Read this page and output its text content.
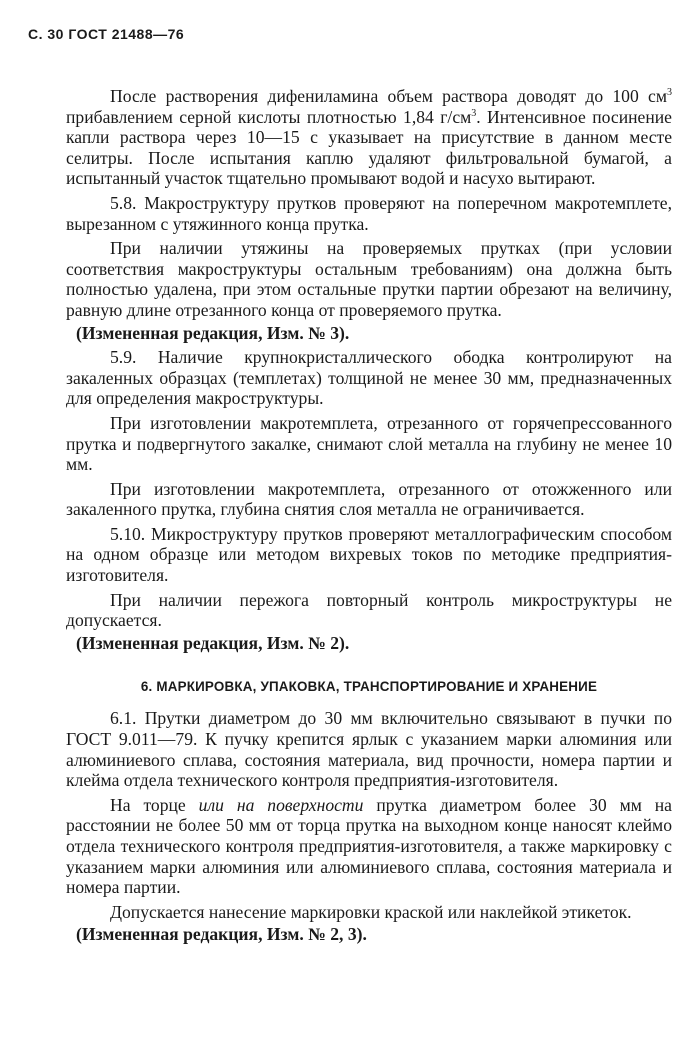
С. 30 ГОСТ 21488—76

После растворения дифениламина объем раствора доводят до 100 $см^3$ прибавлением серной кислоты плотностью 1,84 $г/см^3$. Интенсивное посинение капли раствора через 10—15 с указывает на присутствие в данном месте селитры. После испытания каплю удаляют фильтровальной бумагой, а испытанный участок тщательно промывают водой и насухо вытирают.

5.8. Макроструктуру прутков проверяют на поперечном макротемплете, вырезанном с утяжинного конца прутка.

При наличии утяжины на проверяемых прутках (при условии соответствия макроструктуры остальным требованиям) она должна быть полностью удалена, при этом остальные прутки партии обрезают на величину, равную длине отрезанного конца от проверяемого прутка.

(Измененная редакция, Изм. № 3).

5.9. Наличие крупнокристаллического ободка контролируют на закаленных образцах (темплетах) толщиной не менее 30 мм, предназначенных для определения макроструктуры.

При изготовлении макротемплета, отрезанного от горячепрессованного прутка и подвергнутого закалке, снимают слой металла на глубину не менее 10 мм.

При изготовлении макротемплета, отрезанного от отожженного или закаленного прутка, глубина снятия слоя металла не ограничивается.

5.10. Микроструктуру прутков проверяют металлографическим способом на одном образце или методом вихревых токов по методике предприятия-изготовителя.

При наличии пережога повторный контроль микроструктуры не допускается.

(Измененная редакция, Изм. № 2).
6. МАРКИРОВКА, УПАКОВКА, ТРАНСПОРТИРОВАНИЕ И ХРАНЕНИЕ

6.1. Прутки диаметром до 30 мм включительно связывают в пучки по ГОСТ 9.011—79. К пучку крепится ярлык с указанием марки алюминия или алюминиевого сплава, состояния материала, вид прочности, номера партии и клейма отдела технического контроля предприятия-изготовителя.

На торце или на поверхности прутка диаметром более 30 мм на расстоянии не более 50 мм от торца прутка на выходном конце наносят клеймо отдела технического контроля предприятия-изготовителя, а также маркировку с указанием марки алюминия или алюминиевого сплава, состояния материала и номера партии.

Допускается нанесение маркировки краской или наклейкой этикеток.

(Измененная редакция, Изм. № 2, 3).
